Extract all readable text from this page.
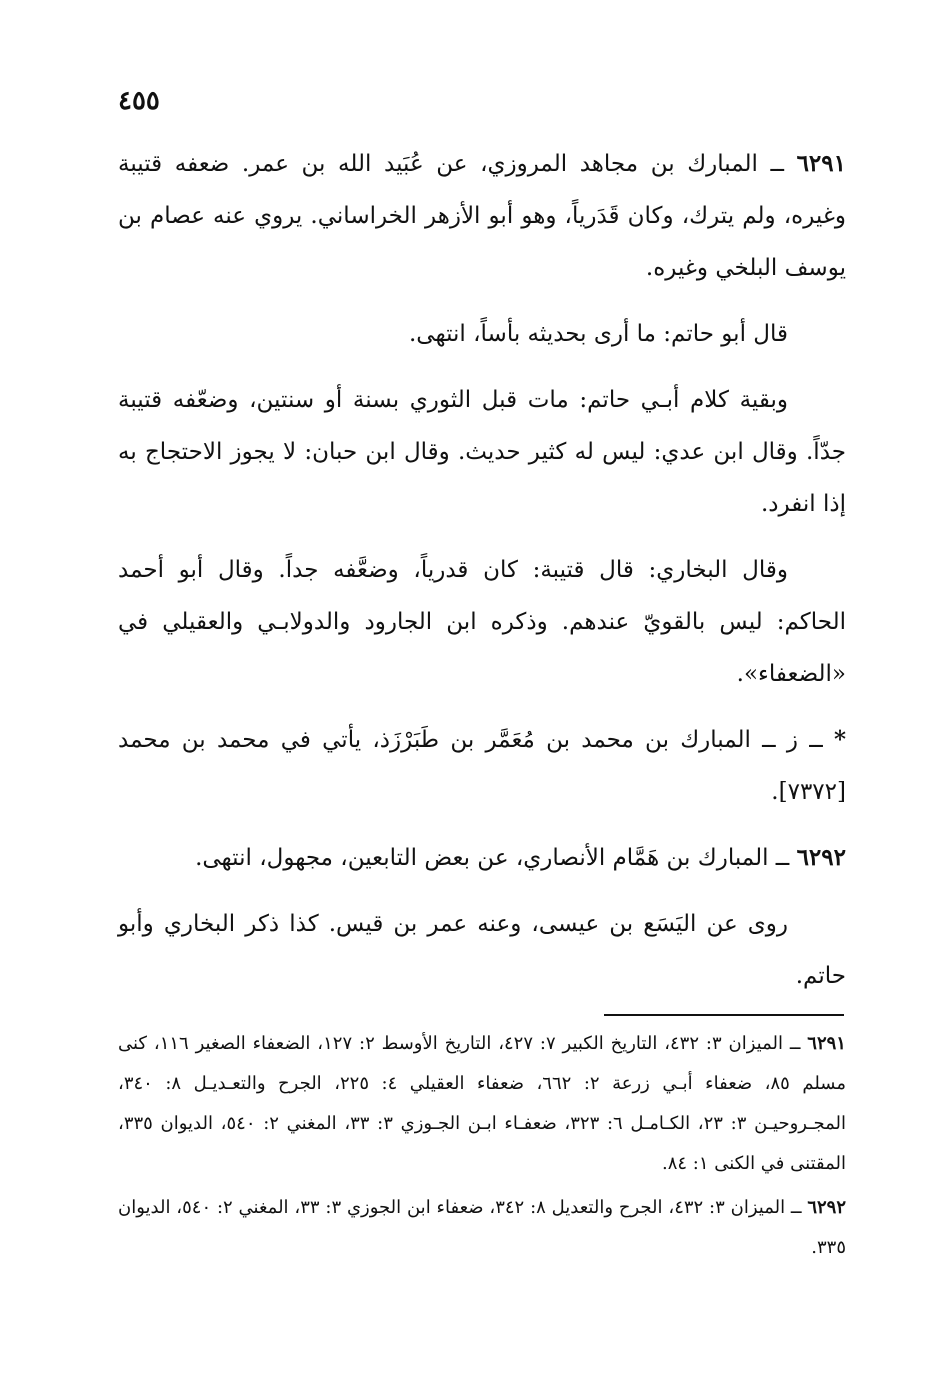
٤٥٥

٦٢٩١ ــ المبارك بن مجاهد المروزي، عن عُبَيد الله بن عمر. ضعفه قتيبة وغيره، ولم يترك، وكان قَدَرياً، وهو أبو الأزهر الخراساني. يروي عنه عصام بن يوسف البلخي وغيره.

قال أبو حاتم: ما أرى بحديثه بأساً، انتهى.

وبقية كلام أبـي حاتم: مات قبل الثوري بسنة أو سنتين، وضعّفه قتيبة جدّاً. وقال ابن عدي: ليس له كثير حديث. وقال ابن حبان: لا يجوز الاحتجاج به إذا انفرد.

وقال البخاري: قال قتيبة: كان قدرياً، وضعَّفه جداً. وقال أبو أحمد الحاكم: ليس بالقويّ عندهم. وذكره ابن الجارود والدولابـي والعقيلي في «الضعفاء».

* ــ ز ــ المبارك بن محمد بن مُعَمَّر بن طَبَرْزَذ، يأتي في محمد بن محمد [٧٣٧٢].

٦٢٩٢ ــ المبارك بن هَمَّام الأنصاري، عن بعض التابعين، مجهول، انتهى.

روى عن اليَسَع بن عيسى، وعنه عمر بن قيس. كذا ذكر البخاري وأبو حاتم.

٦٢٩١ ــ الميزان ٣: ٤٣٢، التاريخ الكبير ٧: ٤٢٧، التاريخ الأوسط ٢: ١٢٧، الضعفاء الصغير ١١٦، كنى مسلم ٨٥، ضعفاء أبـي زرعة ٢: ٦٦٢، ضعفاء العقيلي ٤: ٢٢٥، الجرح والتعـديـل ٨: ٣٤٠، المجـروحيـن ٣: ٢٣، الكـامـل ٦: ٣٢٣، ضعفـاء ابـن الجـوزي ٣: ٣٣، المغني ٢: ٥٤٠، الديوان ٣٣٥، المقتنى في الكنى ١: ٨٤.

٦٢٩٢ ــ الميزان ٣: ٤٣٢، الجرح والتعديل ٨: ٣٤٢، ضعفاء ابن الجوزي ٣: ٣٣، المغني ٢: ٥٤٠، الديوان ٣٣٥.
